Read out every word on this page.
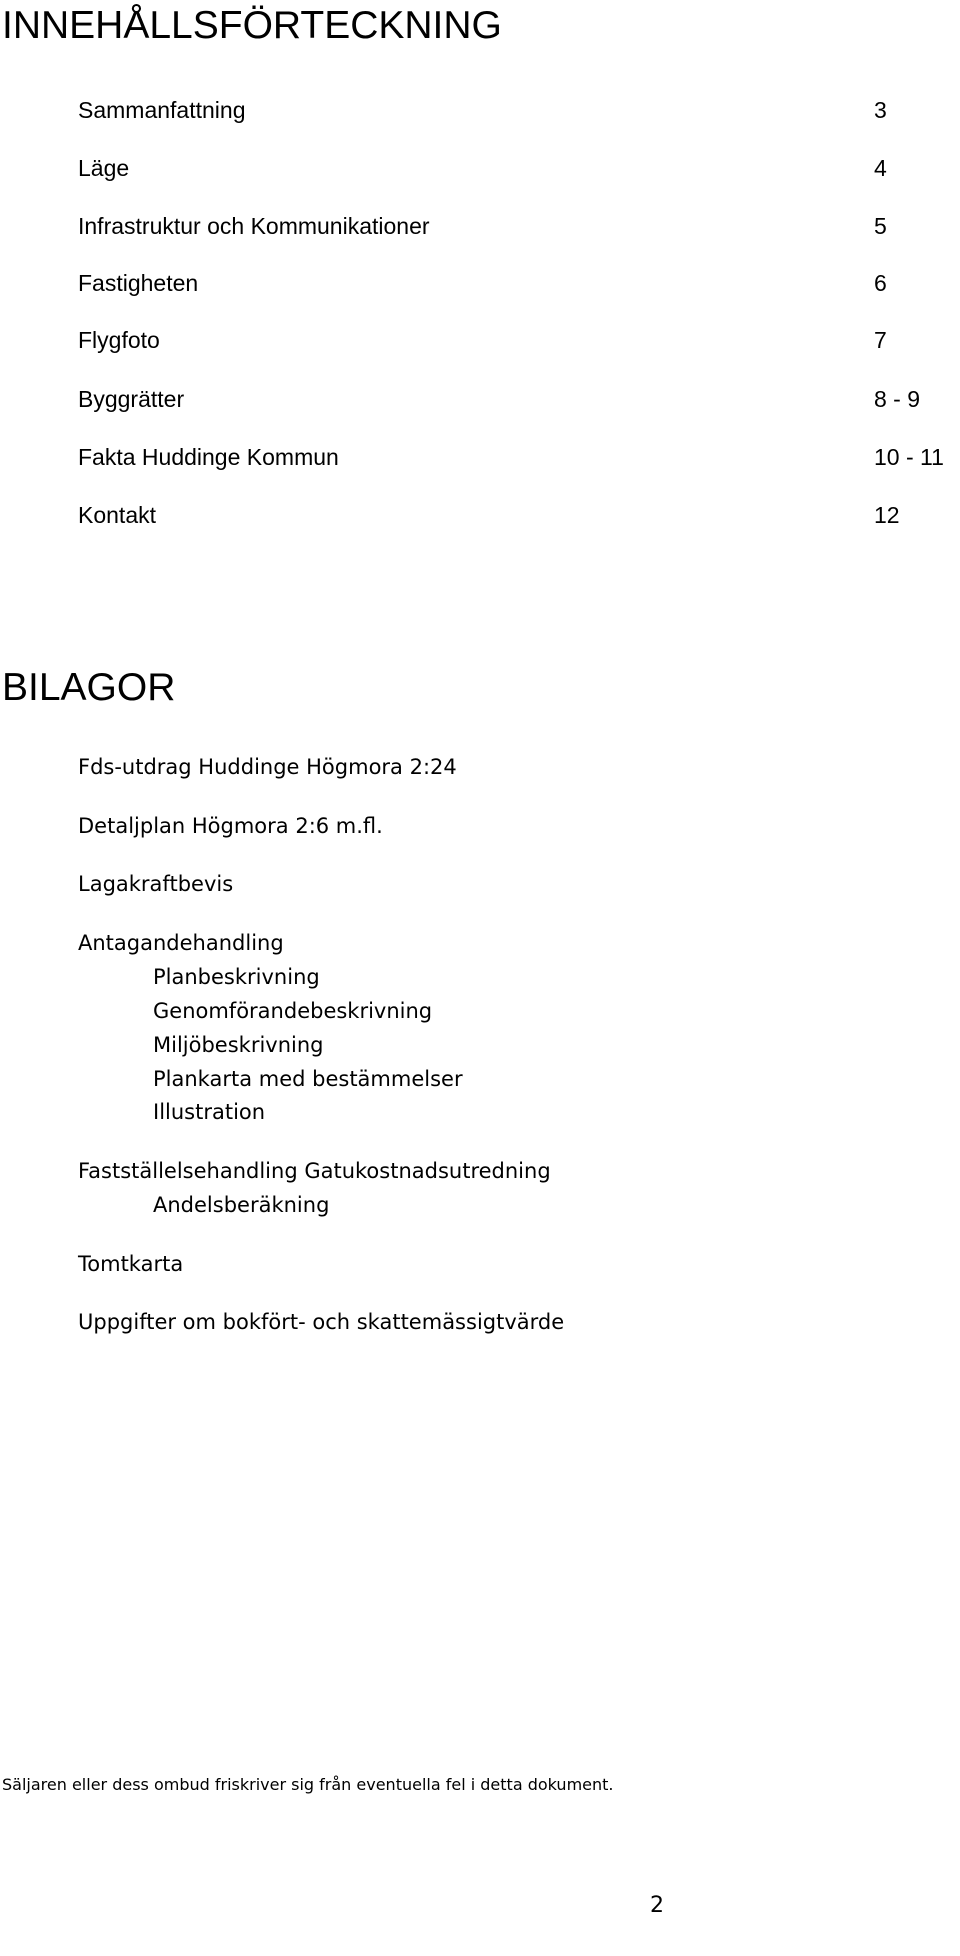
INNEHÅLLSFÖRTECKNING
Sammanfattning	3
Läge	4
Infrastruktur och Kommunikationer	5
Fastigheten	6
Flygfoto	7
Byggrätter	8 - 9
Fakta Huddinge Kommun	10 - 11
Kontakt	12
BILAGOR
Fds-utdrag Huddinge Högmora 2:24
Detaljplan Högmora 2:6 m.fl.
Lagakraftbevis
Antagandehandling
Planbeskrivning
Genomförandebeskrivning
Miljöbeskrivning
Plankarta med bestämmelser
Illustration
Fastställelsehandling Gatukostnadsutredning
Andelsberäkning
Tomtkarta
Uppgifter om bokfört- och skattemässigtvärde
Säljaren eller dess ombud friskriver sig från eventuella fel i detta dokument.
2
